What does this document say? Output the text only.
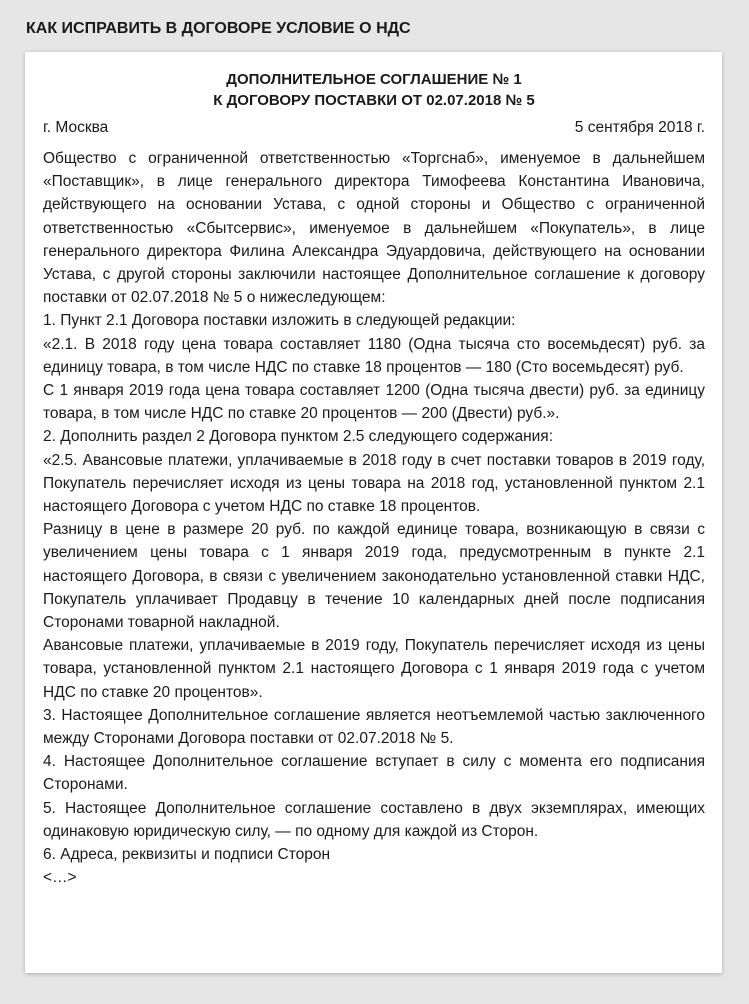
КАК ИСПРАВИТЬ В ДОГОВОРЕ УСЛОВИЕ О НДС
ДОПОЛНИТЕЛЬНОЕ СОГЛАШЕНИЕ № 1
К ДОГОВОРУ ПОСТАВКИ ОТ 02.07.2018 № 5
г. Москва	5 сентября 2018 г.

Общество с ограниченной ответственностью «Торгснаб», именуемое в дальнейшем «Поставщик», в лице генерального директора Тимофеева Константина Ивановича, действующего на основании Устава, с одной стороны и Общество с ограниченной ответственностью «Сбытсервис», именуемое в дальнейшем «Покупатель», в лице генерального директора Филина Александра Эдуардовича, действующего на основании Устава, с другой стороны заключили настоящее Дополнительное соглашение к договору поставки от 02.07.2018 № 5 о нижеследующем:

1. Пункт 2.1 Договора поставки изложить в следующей редакции:

«2.1. В 2018 году цена товара составляет 1180 (Одна тысяча сто восемьдесят) руб. за единицу товара, в том числе НДС по ставке 18 процентов — 180 (Сто восемьдесят) руб.

С 1 января 2019 года цена товара составляет 1200 (Одна тысяча двести) руб. за единицу товара, в том числе НДС по ставке 20 процентов — 200 (Двести) руб.».

2. Дополнить раздел 2 Договора пунктом 2.5 следующего содержания:

«2.5. Авансовые платежи, уплачиваемые в 2018 году в счет поставки товаров в 2019 году, Покупатель перечисляет исходя из цены товара на 2018 год, установленной пунктом 2.1 настоящего Договора с учетом НДС по ставке 18 процентов.

Разницу в цене в размере 20 руб. по каждой единице товара, возникающую в связи с увеличением цены товара с 1 января 2019 года, предусмотренным в пункте 2.1 настоящего Договора, в связи с увеличением законодательно установленной ставки НДС, Покупатель уплачивает Продавцу в течение 10 календарных дней после подписания Сторонами товарной накладной.

Авансовые платежи, уплачиваемые в 2019 году, Покупатель перечисляет исходя из цены товара, установленной пунктом 2.1 настоящего Договора с 1 января 2019 года с учетом НДС по ставке 20 процентов».

3. Настоящее Дополнительное соглашение является неотъемлемой частью заключенного между Сторонами Договора поставки от 02.07.2018 № 5.

4. Настоящее Дополнительное соглашение вступает в силу с момента его подписания Сторонами.

5. Настоящее Дополнительное соглашение составлено в двух экземплярах, имеющих одинаковую юридическую силу, — по одному для каждой из Сторон.

6. Адреса, реквизиты и подписи Сторон

<…>
